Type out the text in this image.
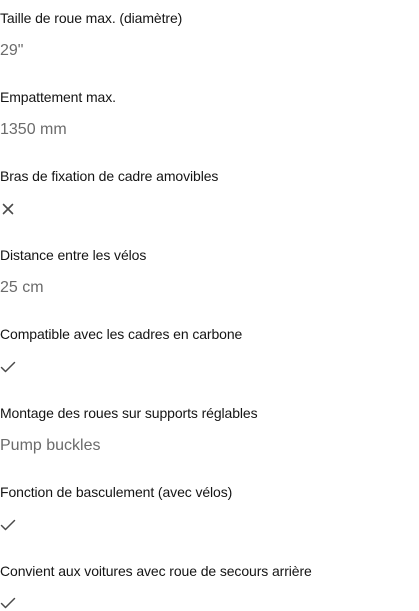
Taille de roue max. (diamètre)
29"
Empattement max.
1350 mm
Bras de fixation de cadre amovibles
Distance entre les vélos
25 cm
Compatible avec les cadres en carbone
Montage des roues sur supports réglables
Pump buckles
Fonction de basculement (avec vélos)
Convient aux voitures avec roue de secours arrière
